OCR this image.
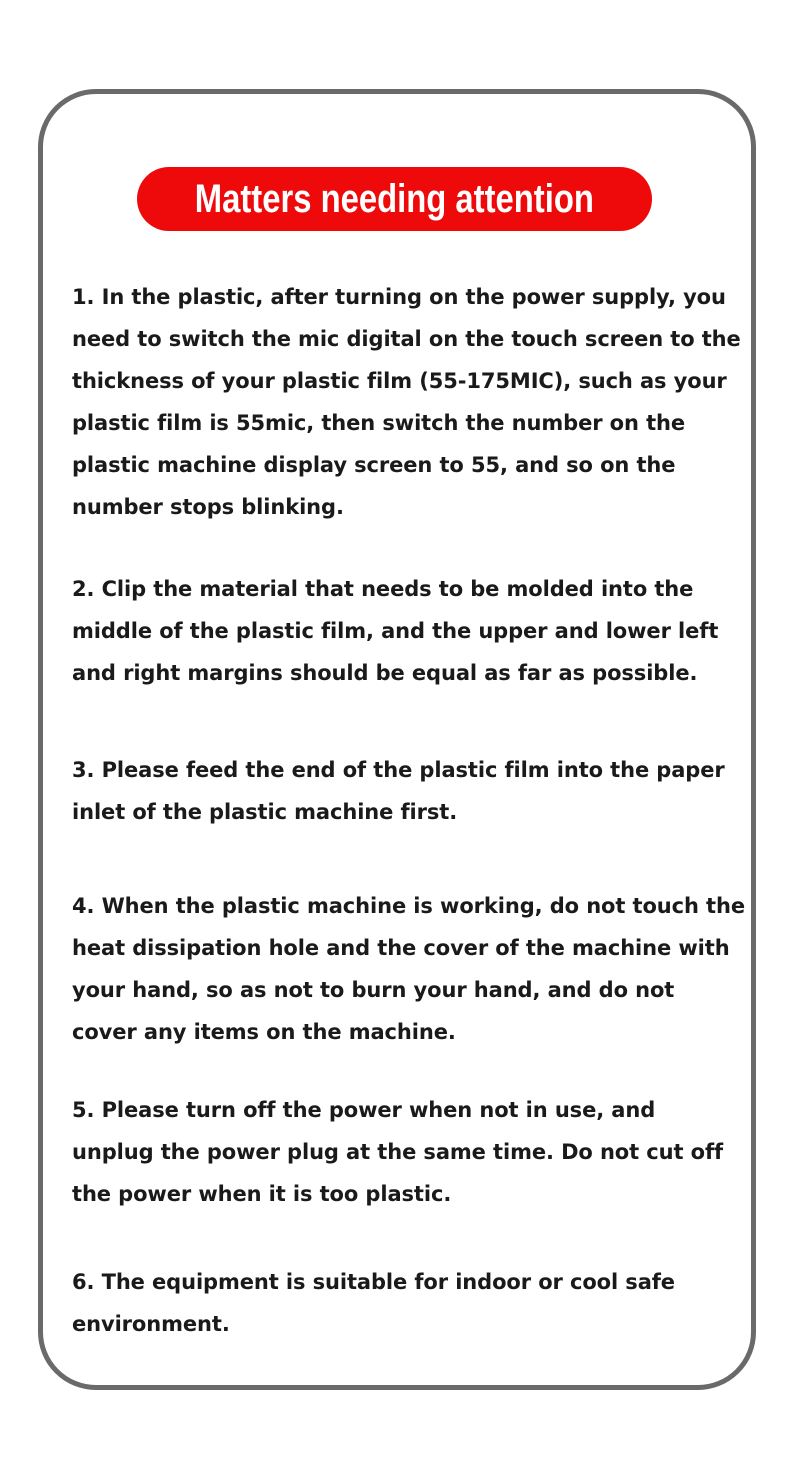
Matters needing attention

1. In the plastic, after turning on the power supply, you
need to switch the mic digital on the touch screen to the
thickness of your plastic film (55-175MIC), such as your
plastic film is 55mic, then switch the number on the
plastic machine display screen to 55, and so on the
number stops blinking.

2. Clip the material that needs to be molded into the
middle of the plastic film, and the upper and lower left
and right margins should be equal as far as possible.

3. Please feed the end of the plastic film into the paper
inlet of the plastic machine first.

4. When the plastic machine is working, do not touch the
heat dissipation hole and the cover of the machine with
your hand, so as not to burn your hand, and do not
cover any items on the machine.

5. Please turn off the power when not in use, and
unplug the power plug at the same time. Do not cut off
the power when it is too plastic.

6. The equipment is suitable for indoor or cool safe
environment.
